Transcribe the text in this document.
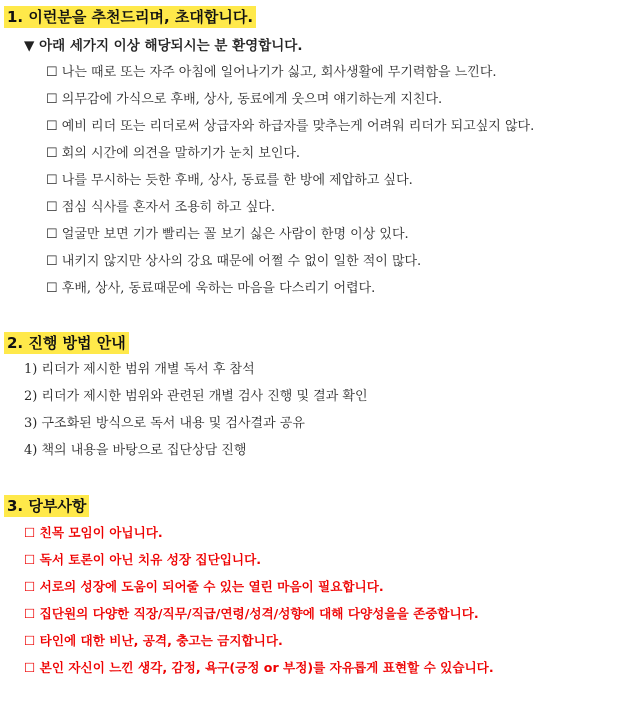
1. 이런분을 추천드리며, 초대합니다.
▼ 아래 세가지 이상 해당되시는 분 환영합니다.
☐ 나는 때로 또는 자주 아침에 일어나기가 싫고, 회사생활에 무기력함을 느낀다.
☐ 의무감에 가식으로 후배, 상사, 동료에게 웃으며 얘기하는게 지친다.
☐ 예비 리더 또는 리더로써 상급자와 하급자를 맞추는게 어려워 리더가 되고싶지 않다.
☐ 회의 시간에 의견을 말하기가 눈치 보인다.
☐ 나를 무시하는 듯한 후배, 상사, 동료를 한 방에 제압하고 싶다.
☐ 점심 식사를 혼자서 조용히 하고 싶다.
☐ 얼굴만 보면 기가 빨리는 꼴 보기 싫은 사람이 한명 이상 있다.
☐ 내키지 않지만 상사의 강요 때문에 어쩔 수 없이 일한 적이 많다.
☐ 후배, 상사, 동료때문에 욱하는 마음을 다스리기 어렵다.
2. 진행 방법 안내
1) 리더가 제시한 범위 개별 독서 후 참석
2) 리더가 제시한 범위와 관련된 개별 검사 진행 및 결과 확인
3) 구조화된 방식으로 독서 내용 및 검사결과 공유
4) 책의 내용을 바탕으로 집단상담 진행
3. 당부사항
☐ 친목 모임이 아닙니다.
☐ 독서 토론이 아닌 치유 성장 집단입니다.
☐ 서로의 성장에 도움이 되어줄 수 있는 열린 마음이 필요합니다.
☐ 집단원의 다양한 직장/직무/직급/연령/성격/성향에 대해 다양성을을 존중합니다.
☐ 타인에 대한 비난, 공격, 충고는 금지합니다.
☐ 본인 자신이 느낀 생각, 감정, 욕구(긍정 or 부정)를 자유롭게 표현할 수 있습니다.
